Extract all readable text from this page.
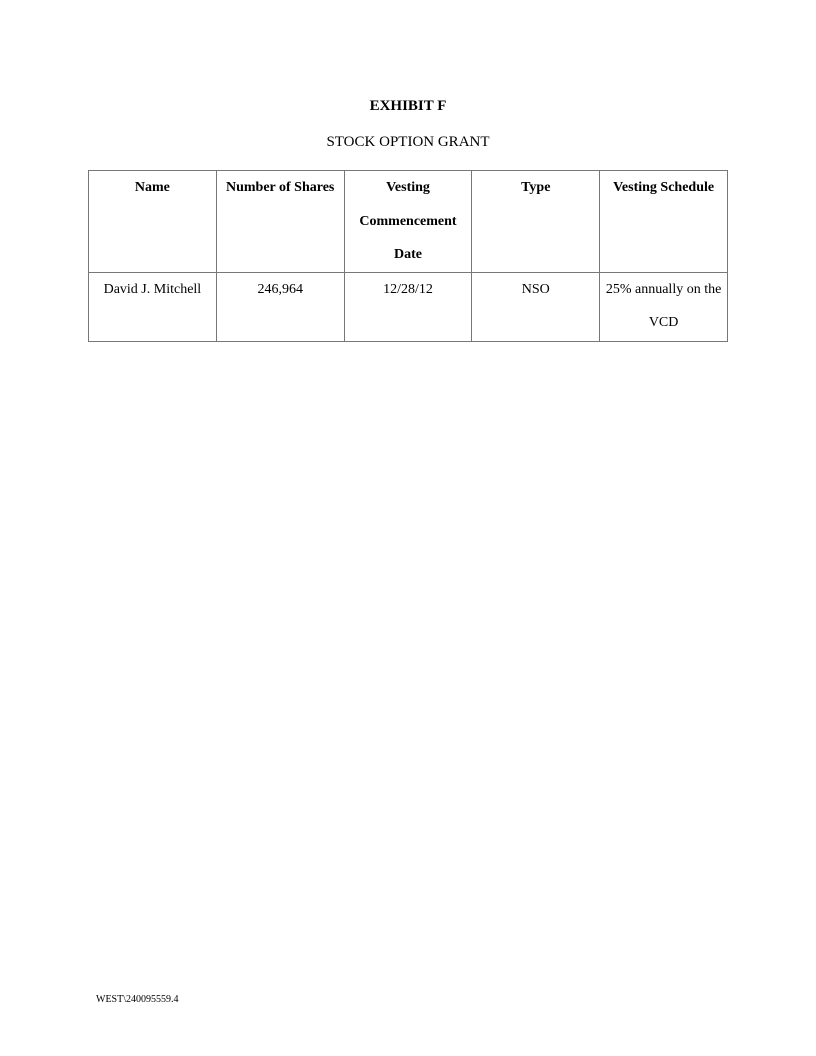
EXHIBIT F
STOCK OPTION GRANT
Name	Number of Shares	Vesting Commencement Date	Type	Vesting Schedule
David J. Mitchell	246,964	12/28/12	NSO	25% annually on the VCD
WEST\240095559.4
